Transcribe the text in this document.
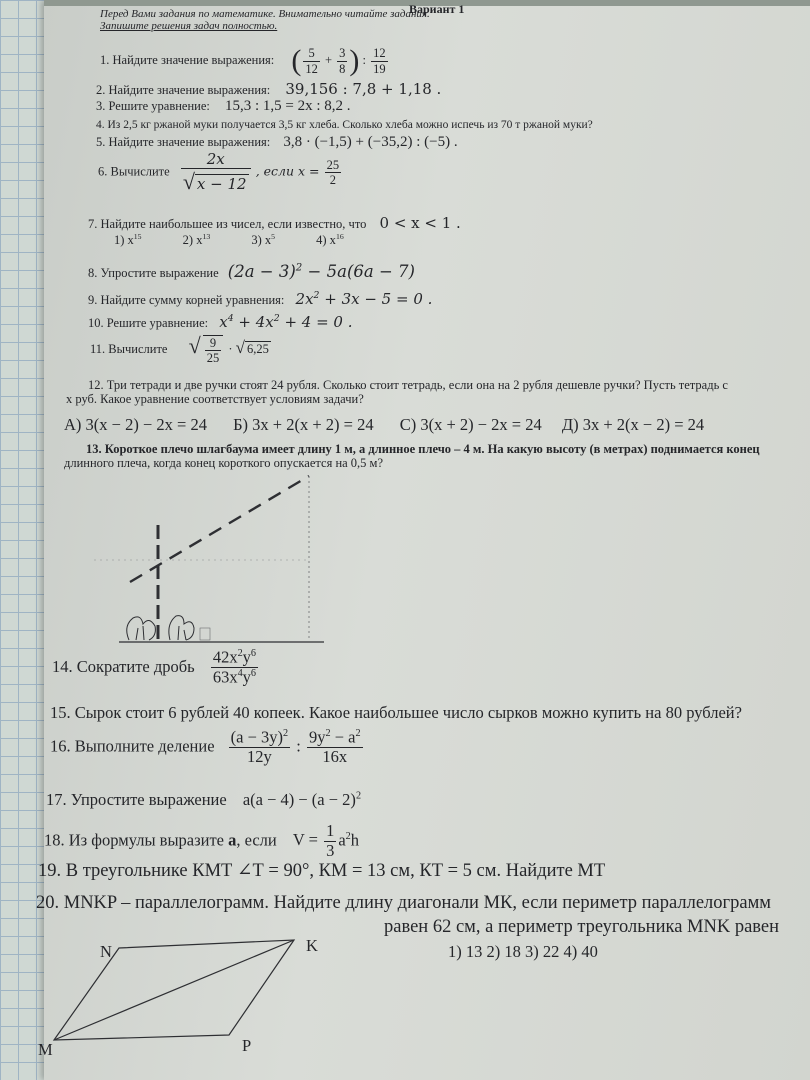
Вариант 1
Перед Вами задания по математике. Внимательно читайте задания.
Запишите решения задач полностью.
1. Найдите значение выражения: ( $\frac{5}{12} + \frac{3}{8}$ ) : $\frac{12}{19}$
2. Найдите значение выражения: 39,156 : 7,8 + 1,18 .
3. Решите уравнение: 15,3 : 1,5 = 2x : 8,2 .
4. Из 2,5 кг ржаной муки получается 3,5 кг хлеба. Сколько хлеба можно испечь из 70 т ржаной муки?
5. Найдите значение выражения: 3,8 · (−1,5) + (−35,2) : (−5) .
6. Вычислите $\frac{2x}{√ x - 12}$ , если $x = \frac{25}{2}$
7. Найдите наибольшее из чисел, если известно, что 0 < x < 1 .
1) $x^{15}$	2) $x^{13}$	3) $x^5$	4) $x^{16}$
8. Упростите выражение $(2a - 3)^2 - 5a(6a - 7)$
9. Найдите сумму корней уравнения: $2x^2 + 3x - 5 = 0$ .
10. Решите уравнение: $x^4 + 4x^2 + 4 = 0$ .
11. Вычислите √ $\frac{9}{25}$ · √ 6,25
12. Три тетради и две ручки стоят 24 рубля. Сколько стоит тетрадь, если она на 2 рубля дешевле ручки? Пусть тетрадь с
x руб. Какое уравнение соответствует условиям задачи?
А) 3(x − 2) − 2x = 24 Б) 3x + 2(x + 2) = 24 С) 3(x + 2) − 2x = 24 Д) 3x + 2(x − 2) = 24
13. Короткое плечо шлагбаума имеет длину 1 м, а длинное плечо – 4 м. На какую высоту (в метрах) поднимается конец
длинного плеча, когда конец короткого опускается на 0,5 м?
14. Сократите дробь $\frac{42x^2y^6}{63x^4y^6}$
15. Сырок стоит 6 рублей 40 копеек. Какое наибольшее число сырков можно купить на 80 рублей?
16. Выполните деление $\frac{(a - 3y)^2}{12y}$ : $\frac{9y^2 - a^2}{16x}$
17. Упростите выражение $a(a - 4) - (a - 2)^2$
18. Из формулы выразите a, если $V = \frac{1}{3} a^2h$
19. В треугольнике КМТ ∠Т = 90°, КМ = 13 см, КТ = 5 см. Найдите МТ
20. MNKP – параллелограмм. Найдите длину диагонали МК, если периметр параллелограмм
равен 62 см, а периметр треугольника MNK равен
1) 13 2) 18 3) 22 4) 40
N	K
M	P
